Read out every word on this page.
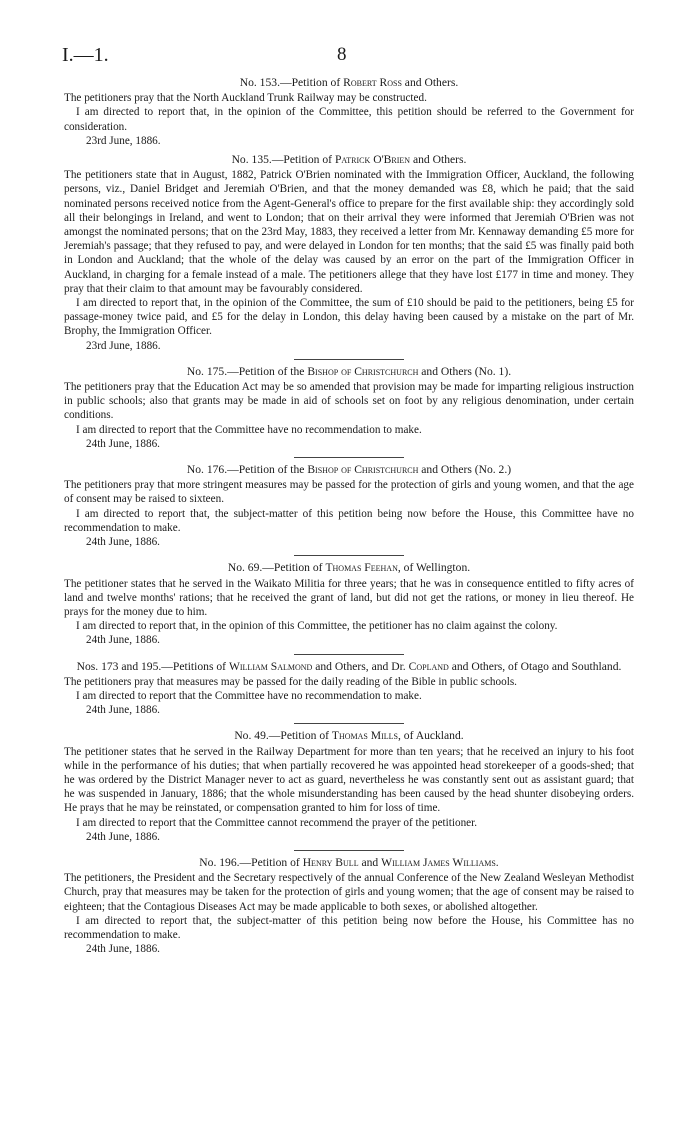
I.—1.	8
No. 153.—Petition of Robert Ross and Others.

The petitioners pray that the North Auckland Trunk Railway may be constructed.

I am directed to report that, in the opinion of the Committee, this petition should be referred to the Government for consideration.

23rd June, 1886.

No. 135.—Petition of Patrick O'Brien and Others.

The petitioners state that in August, 1882, Patrick O'Brien nominated with the Immigration Officer, Auckland, the following persons, viz., Daniel Bridget and Jeremiah O'Brien, and that the money demanded was £8, which he paid; that the said nominated persons received notice from the Agent-General's office to prepare for the first available ship: they accordingly sold all their belongings in Ireland, and went to London; that on their arrival they were informed that Jeremiah O'Brien was not amongst the nominated persons; that on the 23rd May, 1883, they received a letter from Mr. Kennaway demanding £5 more for Jeremiah's passage; that they refused to pay, and were delayed in London for ten months; that the said £5 was finally paid both in London and Auckland; that the whole of the delay was caused by an error on the part of the Immigration Officer in Auckland, in charging for a female instead of a male. The petitioners allege that they have lost £177 in time and money. They pray that their claim to that amount may be favourably considered.

I am directed to report that, in the opinion of the Committee, the sum of £10 should be paid to the petitioners, being £5 for passage-money twice paid, and £5 for the delay in London, this delay having been caused by a mistake on the part of Mr. Brophy, the Immigration Officer.

23rd June, 1886.

No. 175.—Petition of the Bishop of Christchurch and Others (No. 1).

The petitioners pray that the Education Act may be so amended that provision may be made for imparting religious instruction in public schools; also that grants may be made in aid of schools set on foot by any religious denomination, under certain conditions.

I am directed to report that the Committee have no recommendation to make.

24th June, 1886.

No. 176.—Petition of the Bishop of Christchurch and Others (No. 2.)

The petitioners pray that more stringent measures may be passed for the protection of girls and young women, and that the age of consent may be raised to sixteen.

I am directed to report that, the subject-matter of this petition being now before the House, this Committee have no recommendation to make.

24th June, 1886.

No. 69.—Petition of Thomas Feehan, of Wellington.

The petitioner states that he served in the Waikato Militia for three years; that he was in consequence entitled to fifty acres of land and twelve months' rations; that he received the grant of land, but did not get the rations, or money in lieu thereof. He prays for the money due to him.

I am directed to report that, in the opinion of this Committee, the petitioner has no claim against the colony.

24th June, 1886.

Nos. 173 and 195.—Petitions of William Salmond and Others, and Dr. Copland and Others, of Otago and Southland.

The petitioners pray that measures may be passed for the daily reading of the Bible in public schools.

I am directed to report that the Committee have no recommendation to make.

24th June, 1886.

No. 49.—Petition of Thomas Mills, of Auckland.

The petitioner states that he served in the Railway Department for more than ten years; that he received an injury to his foot while in the performance of his duties; that when partially recovered he was appointed head storekeeper of a goods-shed; that he was ordered by the District Manager never to act as guard, nevertheless he was constantly sent out as assistant guard; that he was suspended in January, 1886; that the whole misunderstanding has been caused by the head shunter disobeying orders. He prays that he may be reinstated, or compensation granted to him for loss of time.

I am directed to report that the Committee cannot recommend the prayer of the petitioner.

24th June, 1886.

No. 196.—Petition of Henry Bull and William James Williams.

The petitioners, the President and the Secretary respectively of the annual Conference of the New Zealand Wesleyan Methodist Church, pray that measures may be taken for the protection of girls and young women; that the age of consent may be raised to eighteen; that the Contagious Diseases Act may be made applicable to both sexes, or abolished altogether.

I am directed to report that, the subject-matter of this petition being now before the House, his Committee has no recommendation to make.

24th June, 1886.
